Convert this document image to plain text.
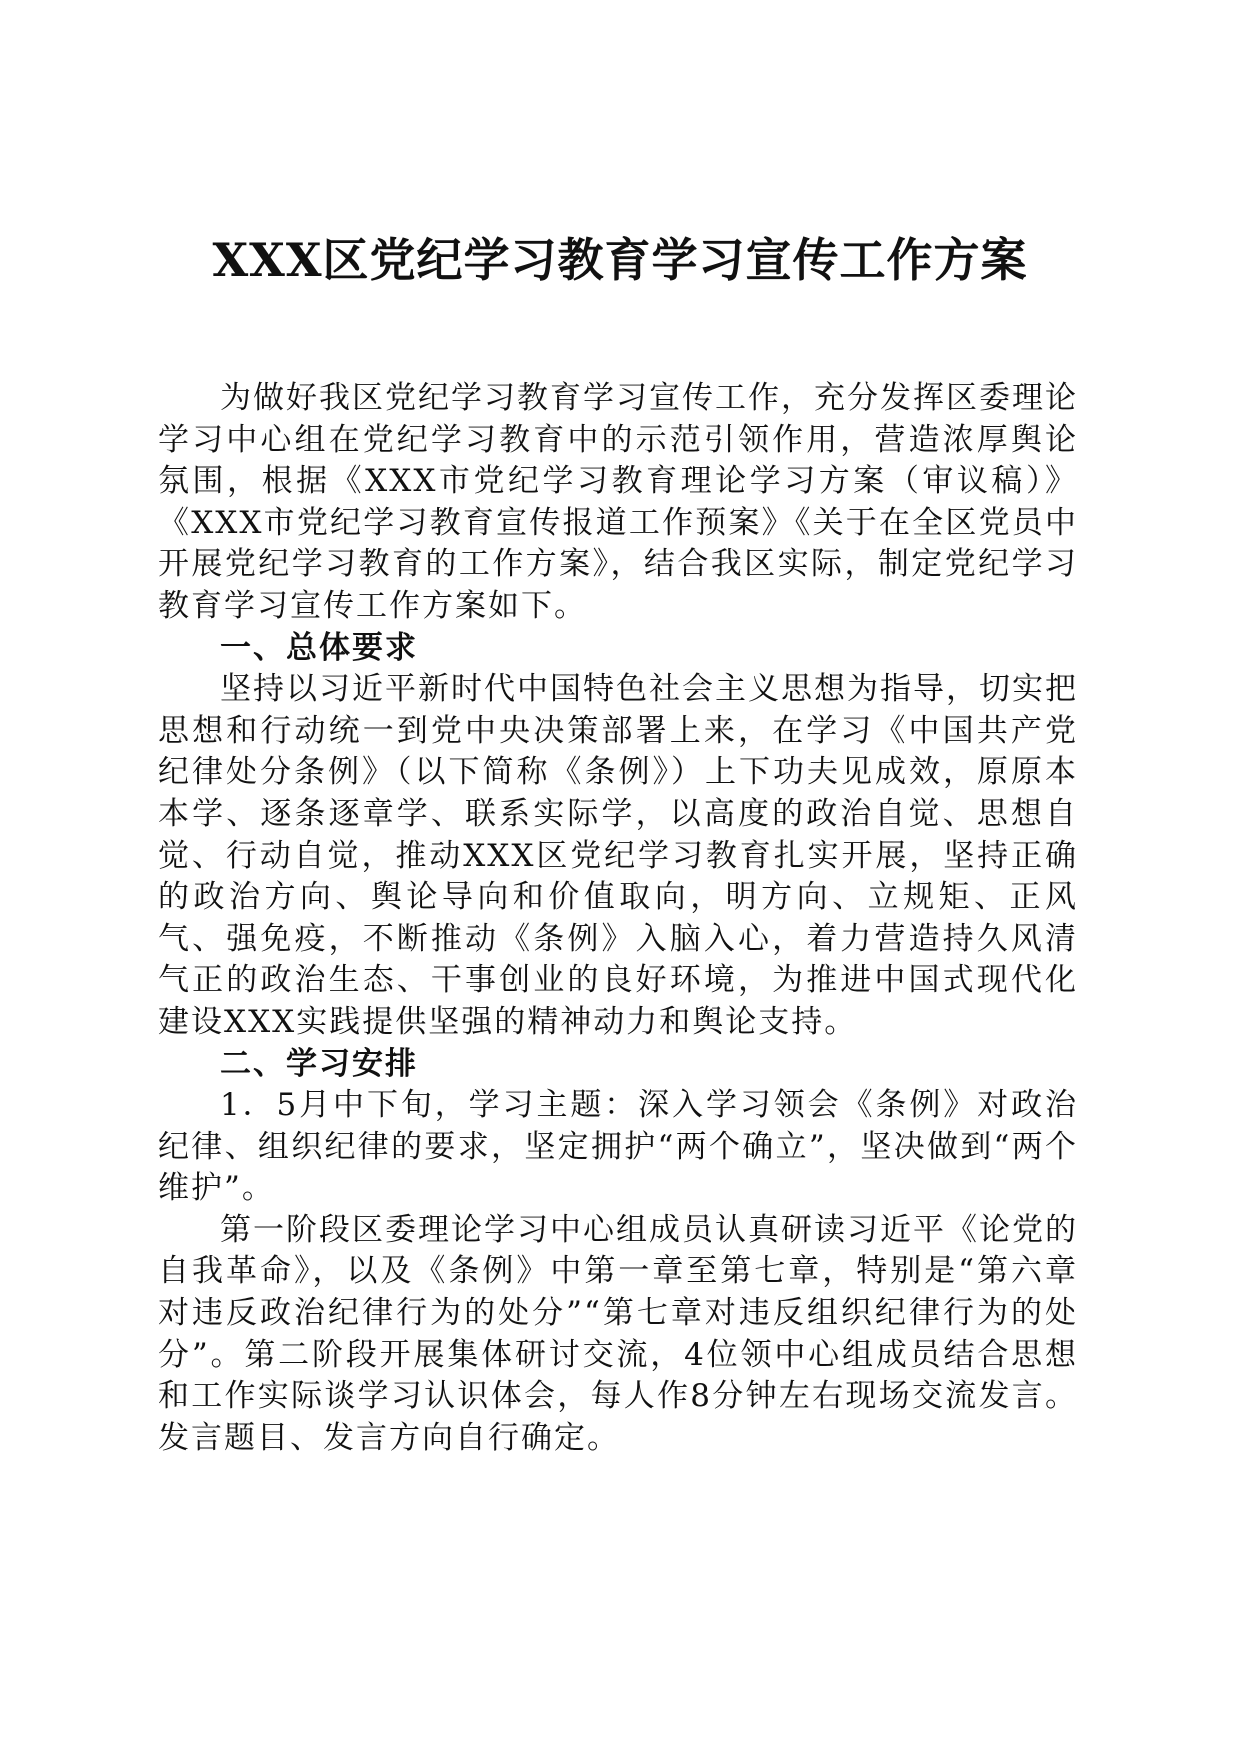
XXX区党纪学习教育学习宣传工作方案

为做好我区党纪学习教育学习宣传工作，充分发挥区委理论学习中心组在党纪学习教育中的示范引领作用，营造浓厚舆论氛围，根据《XXX市党纪学习教育理论学习方案（审议稿）》《XXX市党纪学习教育宣传报道工作预案》《关于在全区党员中开展党纪学习教育的工作方案》，结合我区实际，制定党纪学习教育学习宣传工作方案如下。

一、总体要求

坚持以习近平新时代中国特色社会主义思想为指导，切实把思想和行动统一到党中央决策部署上来，在学习《中国共产党纪律处分条例》（以下简称《条例》）上下功夫见成效，原原本本学、逐条逐章学、联系实际学，以高度的政治自觉、思想自觉、行动自觉，推动XXX区党纪学习教育扎实开展，坚持正确的政治方向、舆论导向和价值取向，明方向、立规矩、正风气、强免疫，不断推动《条例》入脑入心，着力营造持久风清气正的政治生态、干事创业的良好环境，为推进中国式现代化建设XXX实践提供坚强的精神动力和舆论支持。

二、学习安排

1．5月中下旬，学习主题：深入学习领会《条例》对政治纪律、组织纪律的要求，坚定拥护“两个确立”，坚决做到“两个维护”。

第一阶段区委理论学习中心组成员认真研读习近平《论党的自我革命》，以及《条例》中第一章至第七章，特别是“第六章对违反政治纪律行为的处分”“第七章对违反组织纪律行为的处分”。第二阶段开展集体研讨交流，4位领中心组成员结合思想和工作实际谈学习认识体会，每人作8分钟左右现场交流发言。发言题目、发言方向自行确定。
